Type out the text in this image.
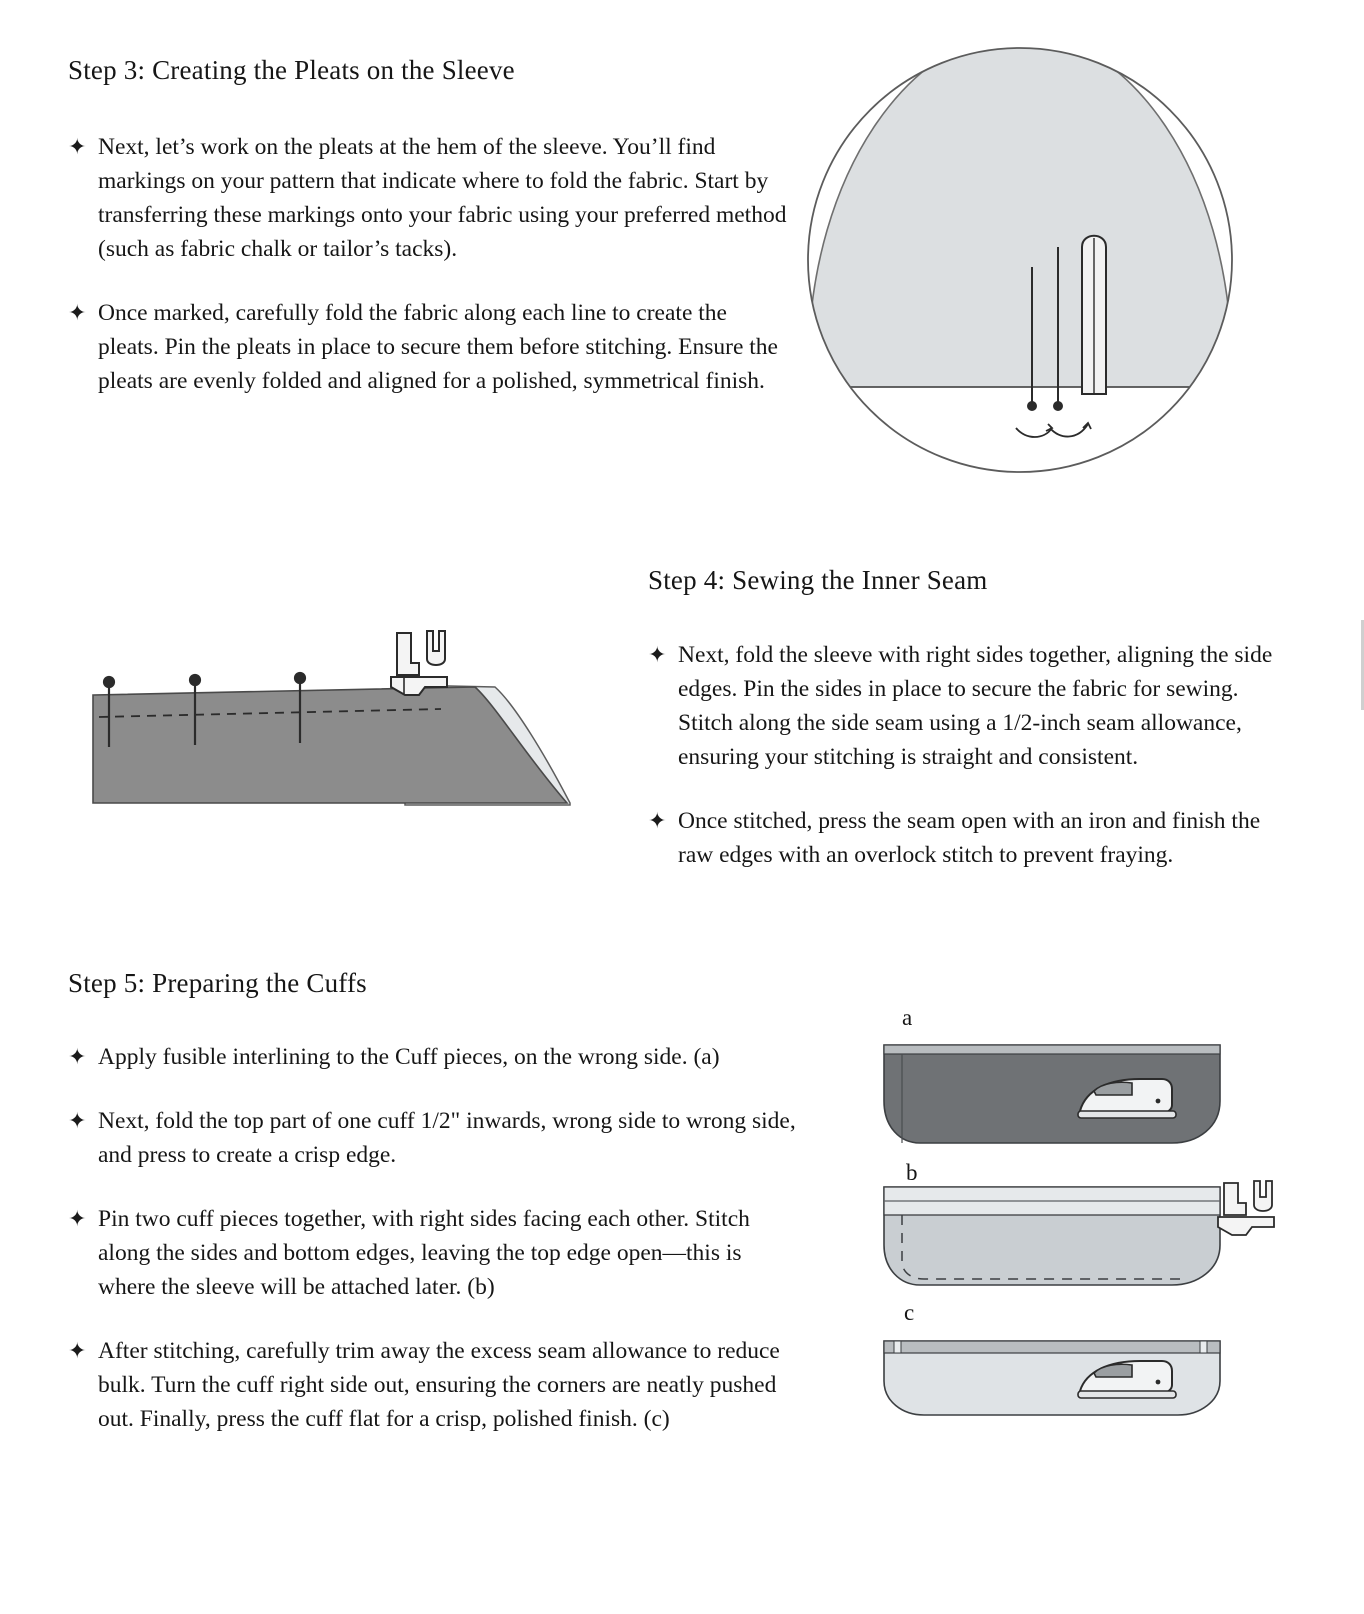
Step 3: Creating the Pleats on the Sleeve
✦ Next, let’s work on the pleats at the hem of the sleeve. You’ll find markings on your pattern that indicate where to fold the fabric. Start by transferring these markings onto your fabric using your preferred method (such as fabric chalk or tailor’s tacks).
✦ Once marked, carefully fold the fabric along each line to create the pleats. Pin the pleats in place to secure them before stitching. Ensure the pleats are evenly folded and aligned for a polished, symmetrical finish.
Step 4: Sewing the Inner Seam
✦ Next, fold the sleeve with right sides together, aligning the side edges. Pin the sides in place to secure the fabric for sewing. Stitch along the side seam using a 1/2-inch seam allowance, ensuring your stitching is straight and consistent.
✦ Once stitched, press the seam open with an iron and finish the raw edges with an overlock stitch to prevent fraying.
Step 5: Preparing the Cuffs
✦ Apply fusible interlining to the Cuff pieces, on the wrong side. (a)
✦ Next, fold the top part of one cuff 1/2" inwards, wrong side to wrong side, and press to create a crisp edge.
✦ Pin two cuff pieces together, with right sides facing each other. Stitch along the sides and bottom edges, leaving the top edge open—this is where the sleeve will be attached later. (b)
✦ After stitching, carefully trim away the excess seam allowance to reduce bulk. Turn the cuff right side out, ensuring the corners are neatly pushed out. Finally, press the cuff flat for a crisp, polished finish. (c)
a
b
c
